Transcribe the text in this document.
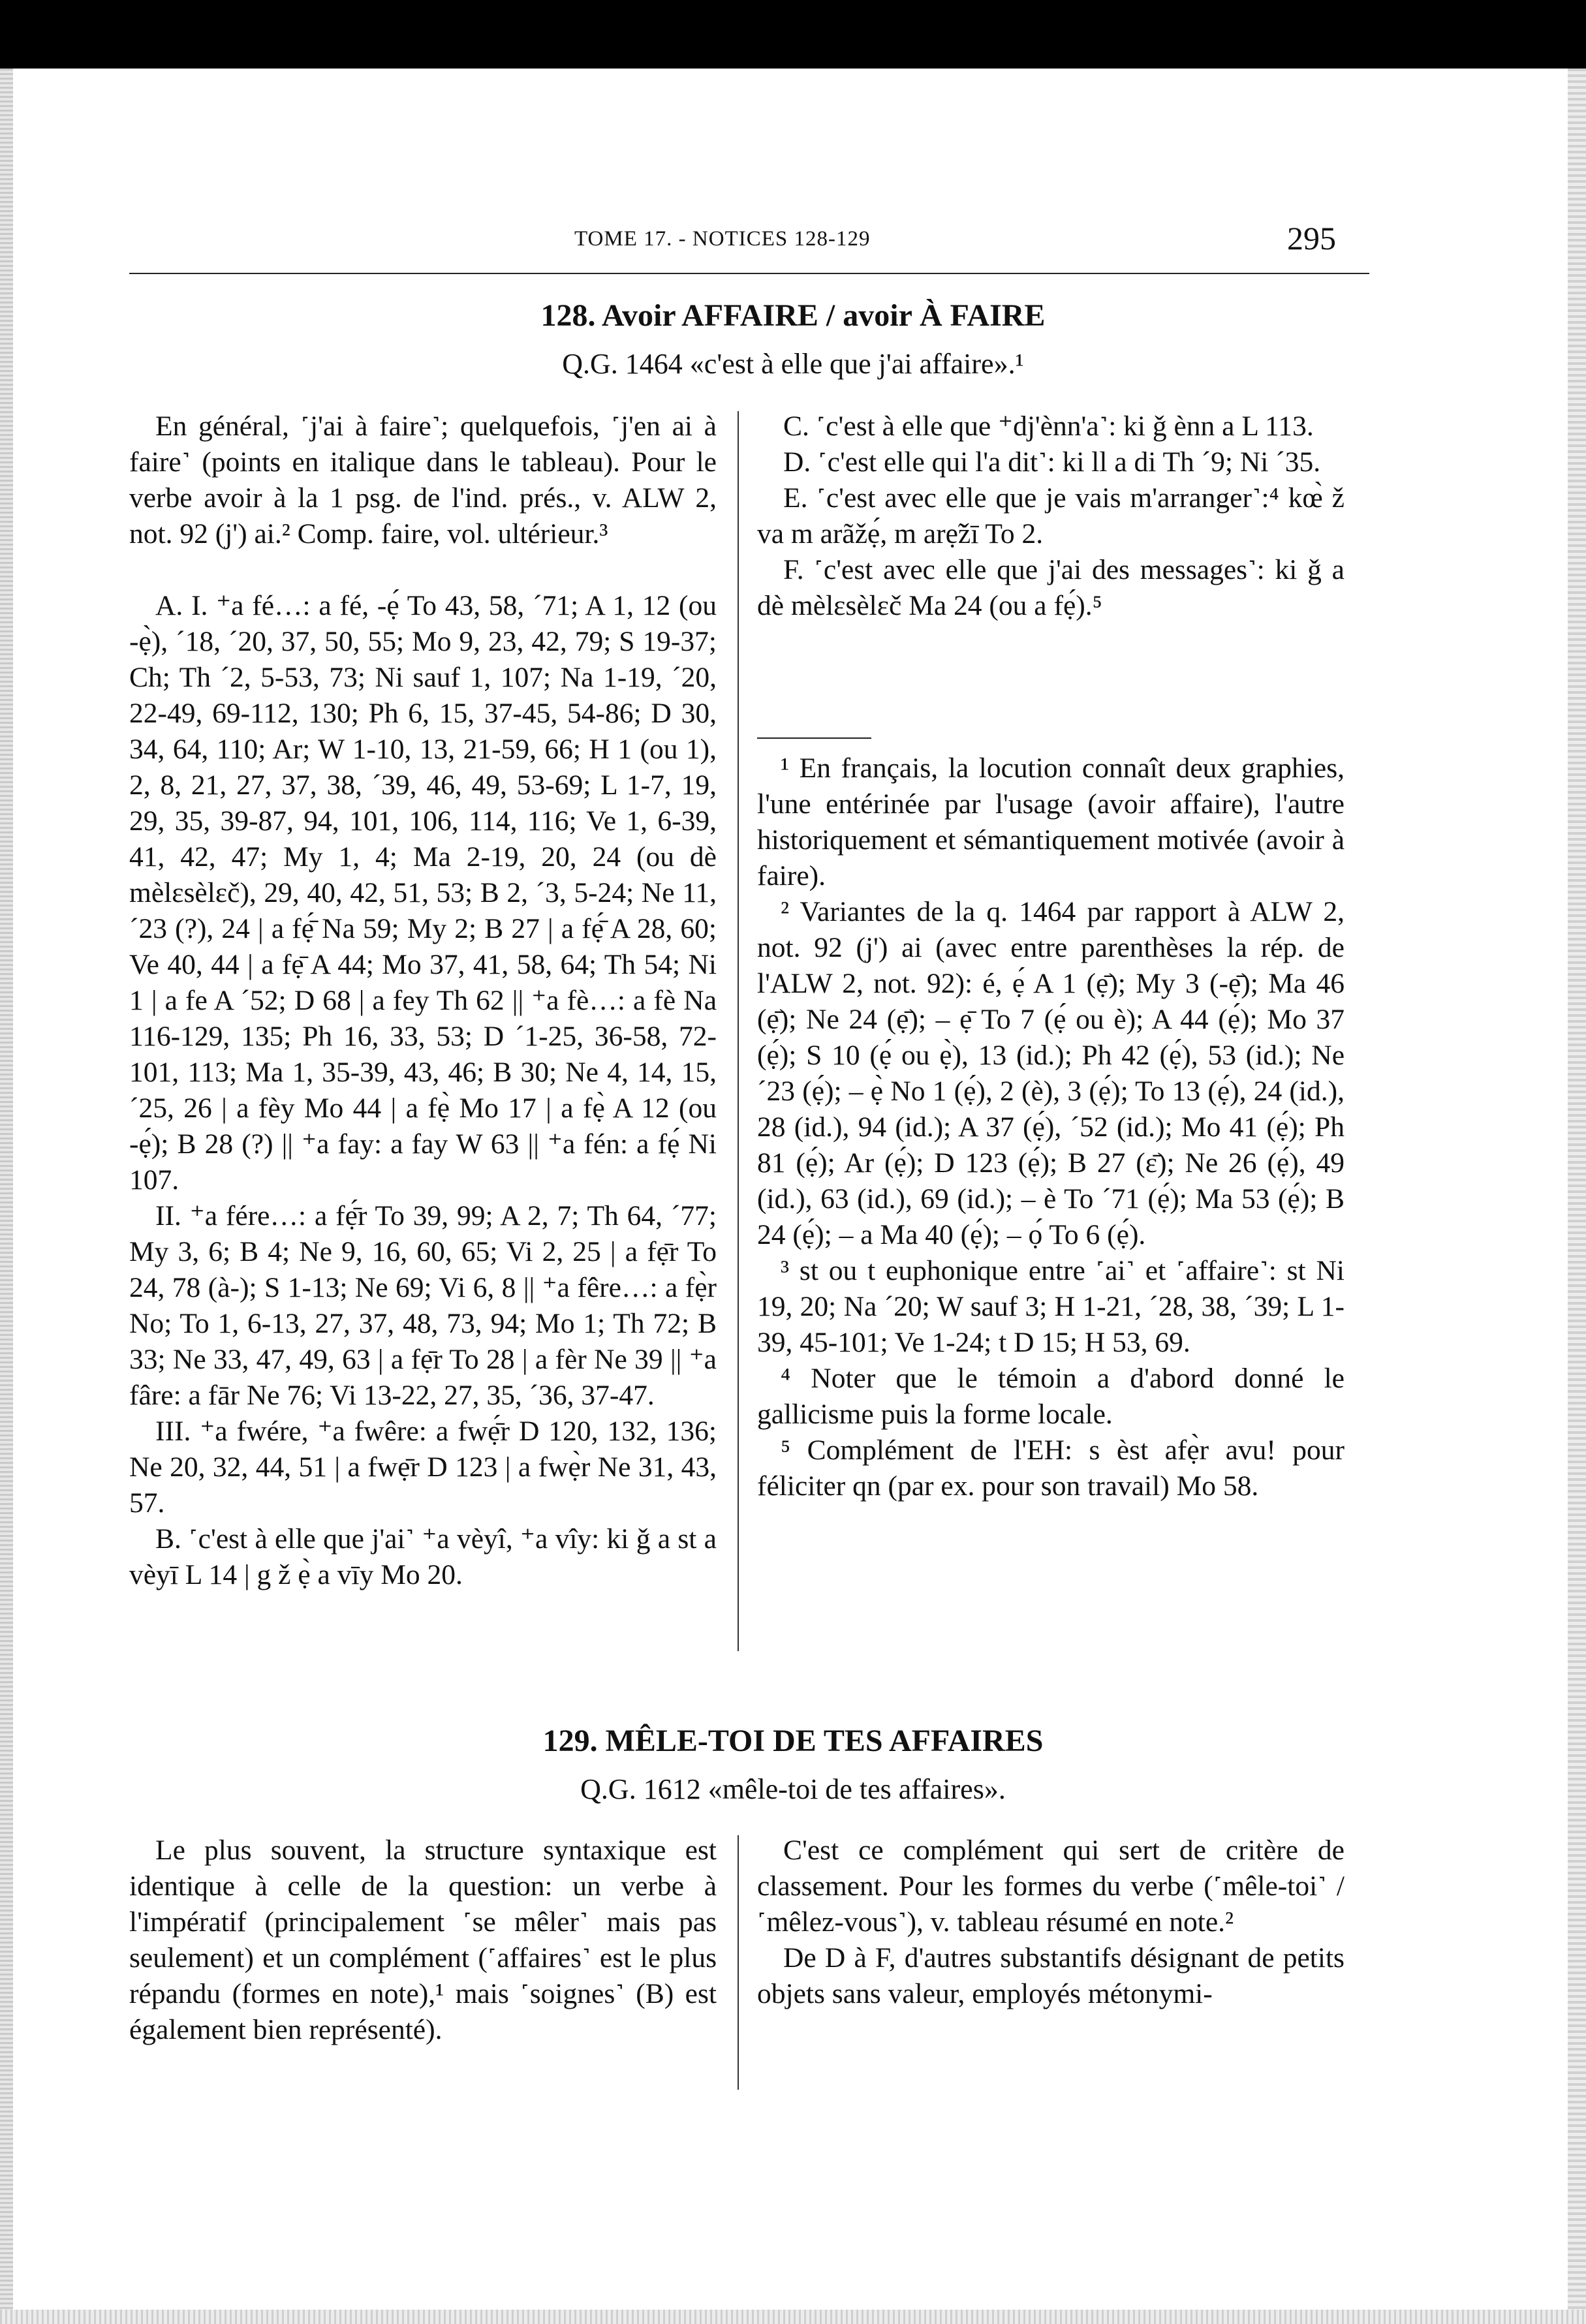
TOME 17. - NOTICES 128-129	295
128. Avoir AFFAIRE / avoir À FAIRE
Q.G. 1464 «c'est à elle que j'ai affaire».¹

En général, ˹j'ai à faire˺; quelquefois, ˹j'en ai à faire˺ (points en italique dans le tableau). Pour le verbe avoir à la 1 psg. de l'ind. prés., v. ALW 2, not. 92 (j') ai.² Comp. faire, vol. ultérieur.³

A. I. ⁺a fé…: a fé, -ẹ́ To 43, 58, ´71; A 1, 12 (ou -ẹ̀), ´18, ´20, 37, 50, 55; Mo 9, 23, 42, 79; S 19-37; Ch; Th ´2, 5-53, 73; Ni sauf 1, 107; Na 1-19, ´20, 22-49, 69-112, 130; Ph 6, 15, 37-45, 54-86; D 30, 34, 64, 110; Ar; W 1-10, 13, 21-59, 66; H 1 (ou 1), 2, 8, 21, 27, 37, 38, ´39, 46, 49, 53-69; L 1-7, 19, 29, 35, 39-87, 94, 101, 106, 114, 116; Ve 1, 6-39, 41, 42, 47; My 1, 4; Ma 2-19, 20, 24 (ou dè mèlɛsèlɛč), 29, 40, 42, 51, 53; B 2, ´3, 5-24; Ne 11, ´23 (?), 24 | a fẹ̄́ Na 59; My 2; B 27 | a fẹ̄́ A 28, 60; Ve 40, 44 | a fẹ̄ A 44; Mo 37, 41, 58, 64; Th 54; Ni 1 | a fe A ´52; D 68 | a fey Th 62 || ⁺a fè…: a fè Na 116-129, 135; Ph 16, 33, 53; D ´1-25, 36-58, 72-101, 113; Ma 1, 35-39, 43, 46; B 30; Ne 4, 14, 15, ´25, 26 | a fèy Mo 44 | a fẹ̀ Mo 17 | a fẹ̀ A 12 (ou -ẹ́); B 28 (?) || ⁺a fay: a fay W 63 || ⁺a fén: a fẹ́ Ni 107.

II. ⁺a fére…: a fẹ̄́r To 39, 99; A 2, 7; Th 64, ´77; My 3, 6; B 4; Ne 9, 16, 60, 65; Vi 2, 25 | a fẹ̄r To 24, 78 (à-); S 1-13; Ne 69; Vi 6, 8 || ⁺a fêre…: a fẹ̀r No; To 1, 6-13, 27, 37, 48, 73, 94; Mo 1; Th 72; B 33; Ne 33, 47, 49, 63 | a fẹ̄r To 28 | a fèr Ne 39 || ⁺a fâre: a fār Ne 76; Vi 13-22, 27, 35, ´36, 37-47.

III. ⁺a fwére, ⁺a fwêre: a fwẹ̄́r D 120, 132, 136; Ne 20, 32, 44, 51 | a fwẹ̄r D 123 | a fwẹ̀r Ne 31, 43, 57.

B. ˹c'est à elle que j'ai˺ ⁺a vèyî, ⁺a vîy: ki ǧ a st a vèyī L 14 | g ž ẹ̀ a vīy Mo 20.

C. ˹c'est à elle que ⁺dj'ènn'a˺: ki ǧ ènn a L 113.

D. ˹c'est elle qui l'a dit˺: ki ll a di Th ´9; Ni ´35.

E. ˹c'est avec elle que je vais m'arranger˺:⁴ kœ̀ ž va m arãžẹ́, m arẹ̃žī To 2.

F. ˹c'est avec elle que j'ai des messages˺: ki ǧ a dè mèlɛsèlɛč Ma 24 (ou a fẹ́).⁵

¹ En français, la locution connaît deux graphies, l'une entérinée par l'usage (avoir affaire), l'autre historiquement et sémantiquement motivée (avoir à faire).

² Variantes de la q. 1464 par rapport à ALW 2, not. 92 (j') ai (avec entre parenthèses la rép. de l'ALW 2, not. 92): é, ẹ́ A 1 (ẹ̄); My 3 (-ẹ̄); Ma 46 (ẹ̄); Ne 24 (ẹ̄); – ẹ̄ To 7 (ẹ́ ou è); A 44 (ẹ́); Mo 37 (ẹ́); S 10 (ẹ́ ou ẹ̀), 13 (id.); Ph 42 (ẹ́), 53 (id.); Ne ´23 (ẹ́); – ẹ̀ No 1 (ẹ́), 2 (è), 3 (ẹ́); To 13 (ẹ́), 24 (id.), 28 (id.), 94 (id.); A 37 (ẹ́), ´52 (id.); Mo 41 (ẹ́); Ph 81 (ẹ́); Ar (ẹ́); D 123 (ẹ́); B 27 (ɛ̄); Ne 26 (ẹ́), 49 (id.), 63 (id.), 69 (id.); – è To ´71 (ẹ́); Ma 53 (ẹ́); B 24 (ẹ́); – a Ma 40 (ẹ́); – ọ́ To 6 (ẹ́).

³ st ou t euphonique entre ˹ai˺ et ˹affaire˺: st Ni 19, 20; Na ´20; W sauf 3; H 1-21, ´28, 38, ´39; L 1-39, 45-101; Ve 1-24; t D 15; H 53, 69.

⁴ Noter que le témoin a d'abord donné le gallicisme puis la forme locale.

⁵ Complément de l'EH: s èst afẹ̀r avu! pour féliciter qn (par ex. pour son travail) Mo 58.

129. MÊLE-TOI DE TES AFFAIRES
Q.G. 1612 «mêle-toi de tes affaires».

Le plus souvent, la structure syntaxique est identique à celle de la question: un verbe à l'impératif (principalement ˹se mêler˺ mais pas seulement) et un complément (˹affaires˺ est le plus répandu (formes en note),¹ mais ˹soignes˺ (B) est également bien représenté).

C'est ce complément qui sert de critère de classement. Pour les formes du verbe (˹mêle-toi˺ / ˹mêlez-vous˺), v. tableau résumé en note.²

De D à F, d'autres substantifs désignant de petits objets sans valeur, employés métonymi-
